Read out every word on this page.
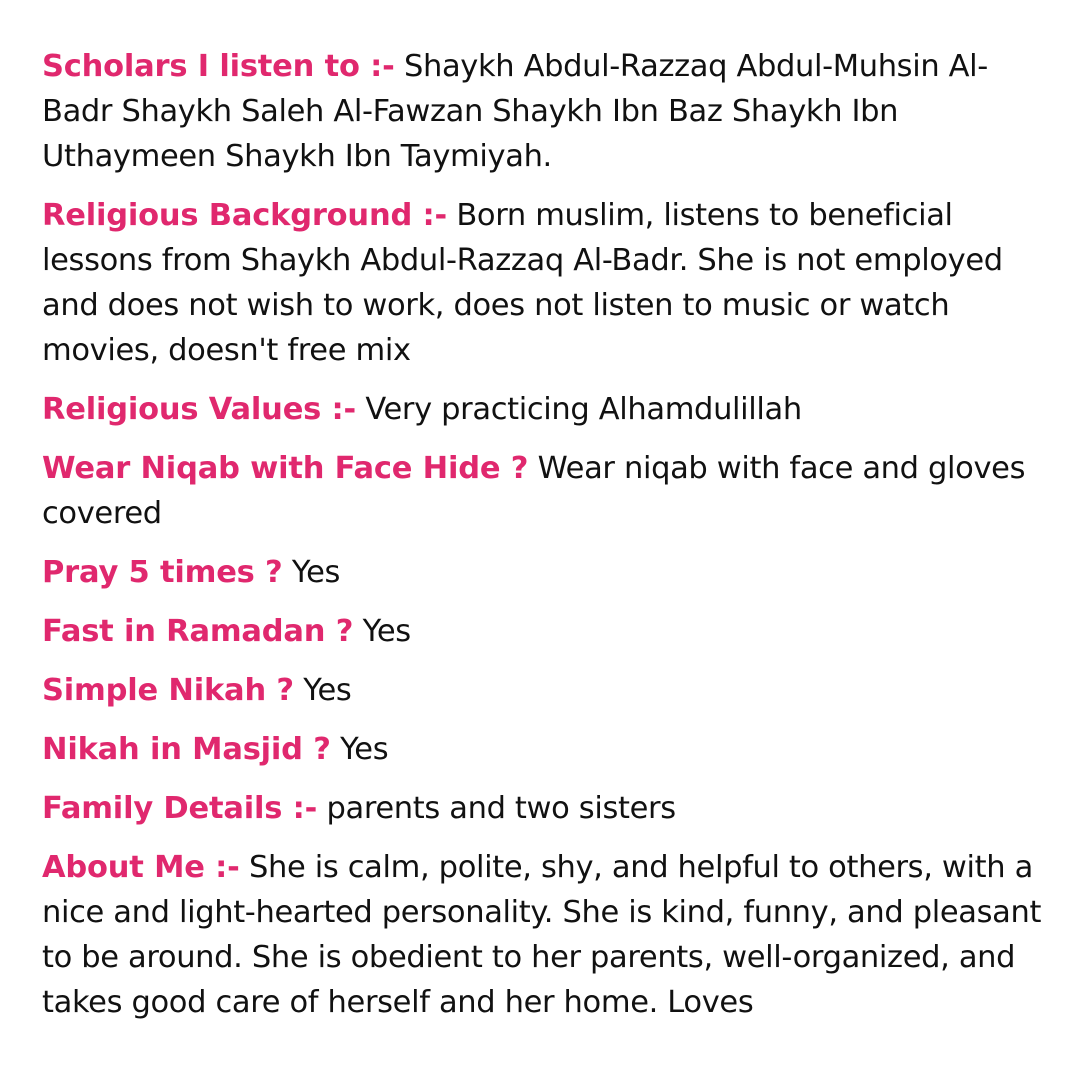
Scholars I listen to :- Shaykh Abdul-Razzaq Abdul-Muhsin Al-Badr Shaykh Saleh Al-Fawzan Shaykh Ibn Baz Shaykh Ibn Uthaymeen Shaykh Ibn Taymiyah.

Religious Background :- Born muslim, listens to beneficial lessons from Shaykh Abdul-Razzaq Al-Badr. She is not employed and does not wish to work, does not listen to music or watch movies, doesn't free mix

Religious Values :- Very practicing Alhamdulillah

Wear Niqab with Face Hide ? Wear niqab with face and gloves covered

Pray 5 times ? Yes

Fast in Ramadan ? Yes

Simple Nikah ? Yes

Nikah in Masjid ? Yes

Family Details :- parents and two sisters

About Me :- She is calm, polite, shy, and helpful to others, with a nice and light-hearted personality. She is kind, funny, and pleasant to be around. She is obedient to her parents, well-organized, and takes good care of herself and her home. Loves
